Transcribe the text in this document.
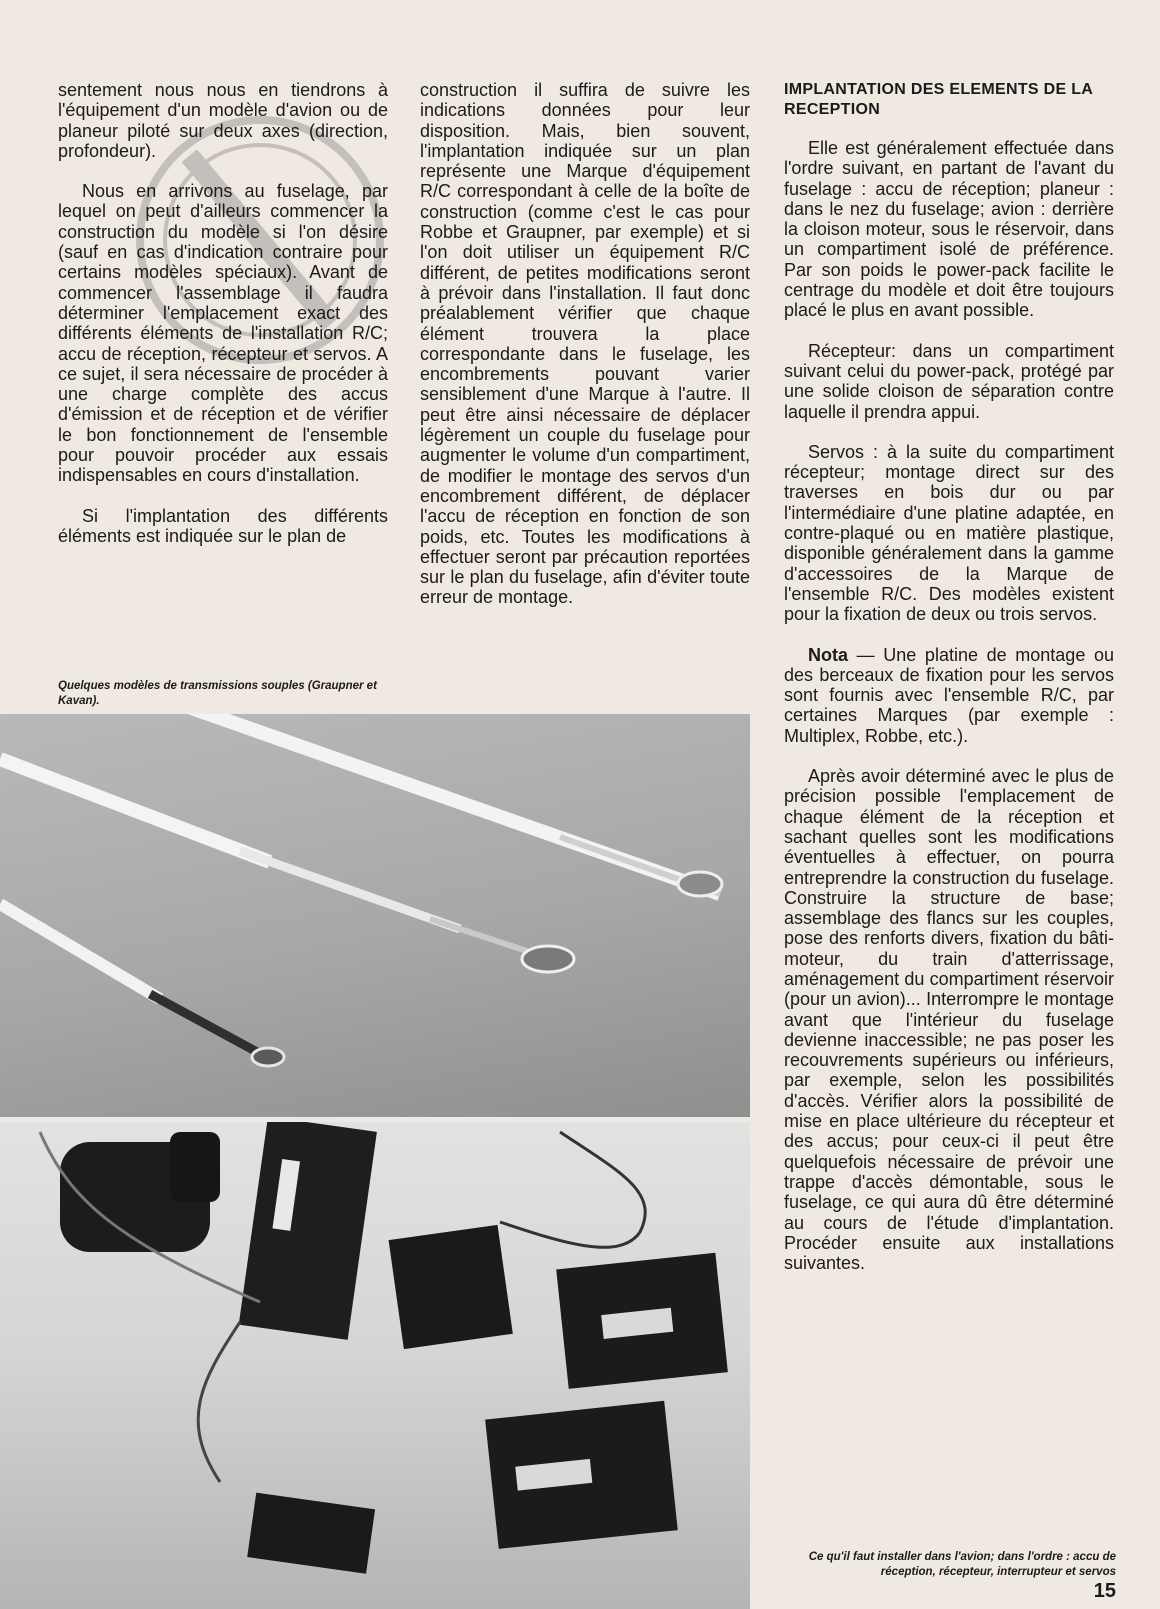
sentement nous nous en tiendrons à l'équipement d'un modèle d'avion ou de planeur piloté sur deux axes (direction, profondeur).

Nous en arrivons au fuselage, par lequel on peut d'ailleurs commencer la construction du modèle si l'on désire (sauf en cas d'indication contraire pour certains modèles spéciaux). Avant de commencer l'assemblage il faudra déterminer l'emplacement exact des différents éléments de l'installation R/C; accu de réception, récepteur et servos. A ce sujet, il sera nécessaire de procéder à une charge complète des accus d'émission et de réception et de vérifier le bon fonctionnement de l'ensemble pour pouvoir procéder aux essais indispensables en cours d'installation.

Si l'implantation des différents éléments est indiquée sur le plan de

construction il suffira de suivre les indications données pour leur disposition. Mais, bien souvent, l'implantation indiquée sur un plan représente une Marque d'équipement R/C correspondant à celle de la boîte de construction (comme c'est le cas pour Robbe et Graupner, par exemple) et si l'on doit utiliser un équipement R/C différent, de petites modifications seront à prévoir dans l'installation. Il faut donc préalablement vérifier que chaque élément trouvera la place correspondante dans le fuselage, les encombrements pouvant varier sensiblement d'une Marque à l'autre. Il peut être ainsi nécessaire de déplacer légèrement un couple du fuselage pour augmenter le volume d'un compartiment, de modifier le montage des servos d'un encombrement différent, de déplacer l'accu de réception en fonction de son poids, etc. Toutes les modifications à effectuer seront par précaution reportées sur le plan du fuselage, afin d'éviter toute erreur de montage.

IMPLANTATION DES ELEMENTS DE LA RECEPTION

Elle est généralement effectuée dans l'ordre suivant, en partant de l'avant du fuselage : accu de réception; planeur : dans le nez du fuselage; avion : derrière la cloison moteur, sous le réservoir, dans un compartiment isolé de préférence. Par son poids le power-pack facilite le centrage du modèle et doit être toujours placé le plus en avant possible.

Récepteur: dans un compartiment suivant celui du power-pack, protégé par une solide cloison de séparation contre laquelle il prendra appui.

Servos : à la suite du compartiment récepteur; montage direct sur des traverses en bois dur ou par l'intermédiaire d'une platine adaptée, en contre-plaqué ou en matière plastique, disponible généralement dans la gamme d'accessoires de la Marque de l'ensemble R/C. Des modèles existent pour la fixation de deux ou trois servos.

Nota — Une platine de montage ou des berceaux de fixation pour les servos sont fournis avec l'ensemble R/C, par certaines Marques (par exemple : Multiplex, Robbe, etc.).

Après avoir déterminé avec le plus de précision possible l'emplacement de chaque élément de la réception et sachant quelles sont les modifications éventuelles à effectuer, on pourra entreprendre la construction du fuselage. Construire la structure de base; assemblage des flancs sur les couples, pose des renforts divers, fixation du bâti-moteur, du train d'atterrissage, aménagement du compartiment réservoir (pour un avion)... Interrompre le montage avant que l'intérieur du fuselage devienne inaccessible; ne pas poser les recouvrements supérieurs ou inférieurs, par exemple, selon les possibilités d'accès. Vérifier alors la possibilité de mise en place ultérieure du récepteur et des accus; pour ceux-ci il peut être quelquefois nécessaire de prévoir une trappe d'accès démontable, sous le fuselage, ce qui aura dû être déterminé au cours de l'étude d'implantation. Procéder ensuite aux installations suivantes.

Quelques modèles de transmissions souples (Graupner et Kavan).
Ce qu'il faut installer dans l'avion; dans l'ordre : accu de réception, récepteur, interrupteur et servos
15
